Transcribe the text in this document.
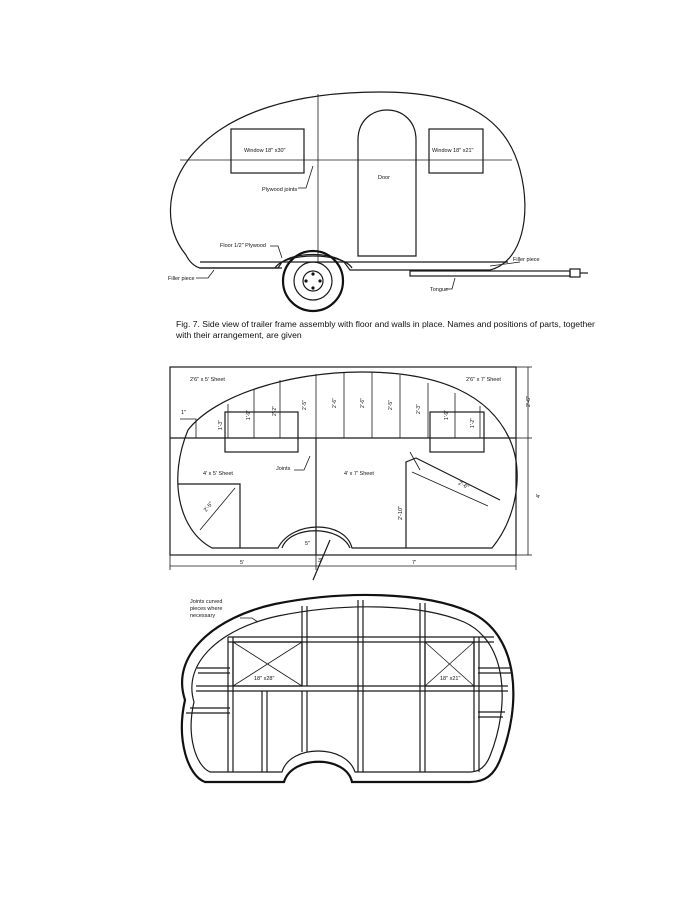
Window 18" x30"	Window 18" x21"
Door
Plywood joints
Floor 1/2" Plywood
Filler piece
Filler piece
Tongue
2'6" x 5' Sheet	2'6" x 7' Sheet
4' x 5' Sheet	4' x 7' Sheet
Joints
1"
2'-6"
4'
5'	7'
3"
5"
2'-5"
2'-6"
2'-10"
1'-3"
1'-9"	2'-2"
2'-5"	2'-6"	2'-6"	2'-5"	2'-3"
1'-9"
1'-2"
Joints curved
pieces where
necessary
18" x28"	18" x21"
Fig. 7. Side view of trailer frame assembly with floor and walls in place. Names and positions of parts, together with their arrangement, are given
